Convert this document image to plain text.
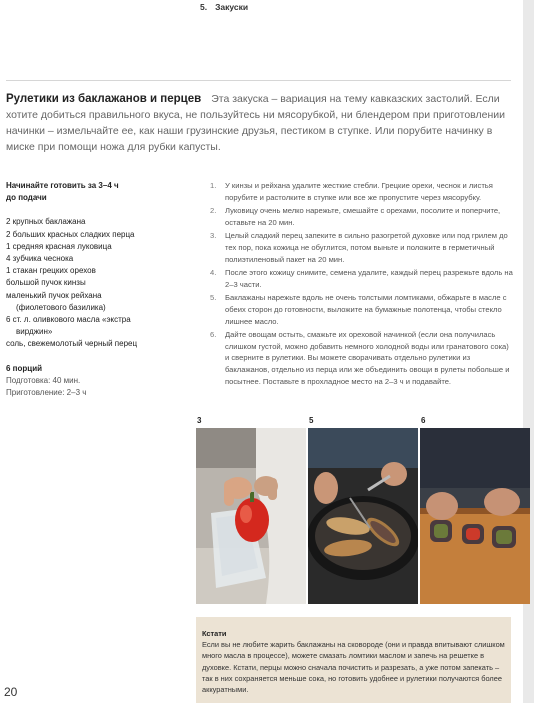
5. Закуски
Рулетики из баклажанов и перцев Эта закуска – вариация на тему кавказских застолий. Если хотите добиться правильного вкуса, не пользуйтесь ни мясорубкой, ни блендером при приготовлении начинки – измельчайте ее, как наши грузинские друзья, пестиком в ступке. Или порубите начинку в миске при помощи ножа для рубки капусты.
Начинайте готовить за 3–4 ч
до подачи
2 крупных баклажана
2 больших красных сладких перца
1 средняя красная луковица
4 зубчика чеснока
1 стакан грецких орехов
большой пучок кинзы
маленький пучок рейхана
(фиолетового базилика)
6 ст. л. оливкового масла «экстра
вирджин»
соль, свежемолотый черный перец
6 порций
Подготовка: 40 мин.
Приготовление: 2–3 ч
1. У кинзы и рейхана удалите жесткие стебли. Грецкие орехи, чеснок и листья порубите и растолките в ступке или все же пропустите через мясорубку.
2. Луковицу очень мелко нарежьте, смешайте с орехами, посолите и поперчите, оставьте на 20 мин.
3. Целый сладкий перец запеките в сильно разогретой духовке или под грилем до тех пор, пока кожица не обуглится, потом выньте и положите в герметичный полиэтиленовый пакет на 20 мин.
4. После этого кожицу снимите, семена удалите, каждый перец разрежьте вдоль на 2–3 части.
5. Баклажаны нарежьте вдоль не очень толстыми ломтиками, обжарьте в масле с обеих сторон до готовности, выложите на бумажные полотенца, чтобы стекло лишнее масло.
6. Дайте овощам остыть, смажьте их ореховой начинкой (если она получилась слишком густой, можно добавить немного холодной воды или гранатового сока) и сверните в рулетики. Вы можете сворачивать отдельно рулетики из баклажанов, отдельно из перца или же объединить овощи в рулеты побольше и посытнее. Поставьте в прохладное место на 2–3 ч и подавайте.
3	5	6
Кстати
Если вы не любите жарить баклажаны на сковороде (они и правда впитывают слишком много масла в процессе), можете смазать ломтики маслом и запечь на решетке в духовке. Кстати, перцы можно сначала почистить и разрезать, а уже потом запекать – так в них сохраняется меньше сока, но готовить удобнее и рулетики получаются более аккуратными.
20
